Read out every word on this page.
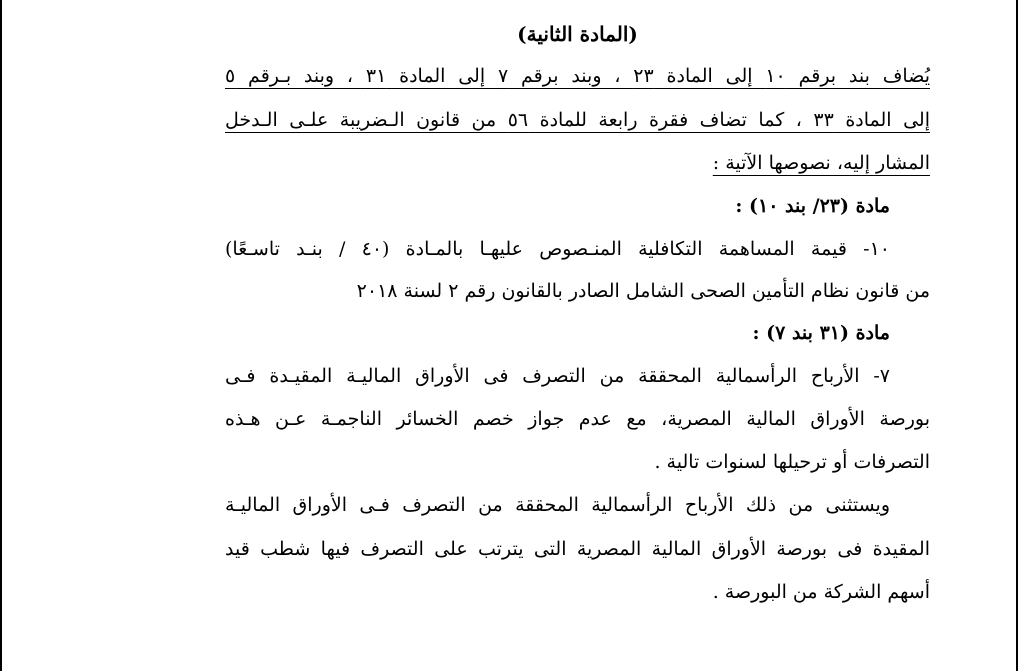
(المادة الثانية)
يُضاف بند برقم ١٠ إلى المادة ٢٣ ، وبند برقم ٧ إلى المادة ٣١ ، وبند بـرقم ٥
إلى المادة ٣٣ ، كما تضاف فقرة رابعة للمادة ٥٦ من قانون الـضريبة علـى الـدخل
المشار إليه، نصوصها الآتية :
مادة (٢٣/ بند ١٠) :
١٠- قيمة المساهمة التكافلية المنـصوص عليهـا بالمـادة (٤٠ / بنـد تاسـعًا)
من قانون نظام التأمين الصحى الشامل الصادر بالقانون رقم ٢ لسنة ٢٠١٨
مادة (٣١ بند ٧) :
٧- الأرباح الرأسمالية المحققة من التصرف فى الأوراق الماليـة المقيـدة فـى
بورصة الأوراق المالية المصرية، مع عدم جواز خصم الخسائر الناجمـة عـن هـذه
التصرفات أو ترحيلها لسنوات تالية .
ويستثنى من ذلك الأرباح الرأسمالية المحققة من التصرف فـى الأوراق الماليـة
المقيدة فى بورصة الأوراق المالية المصرية التى يترتب على التصرف فيها شطب قيد
أسهم الشركة من البورصة .
